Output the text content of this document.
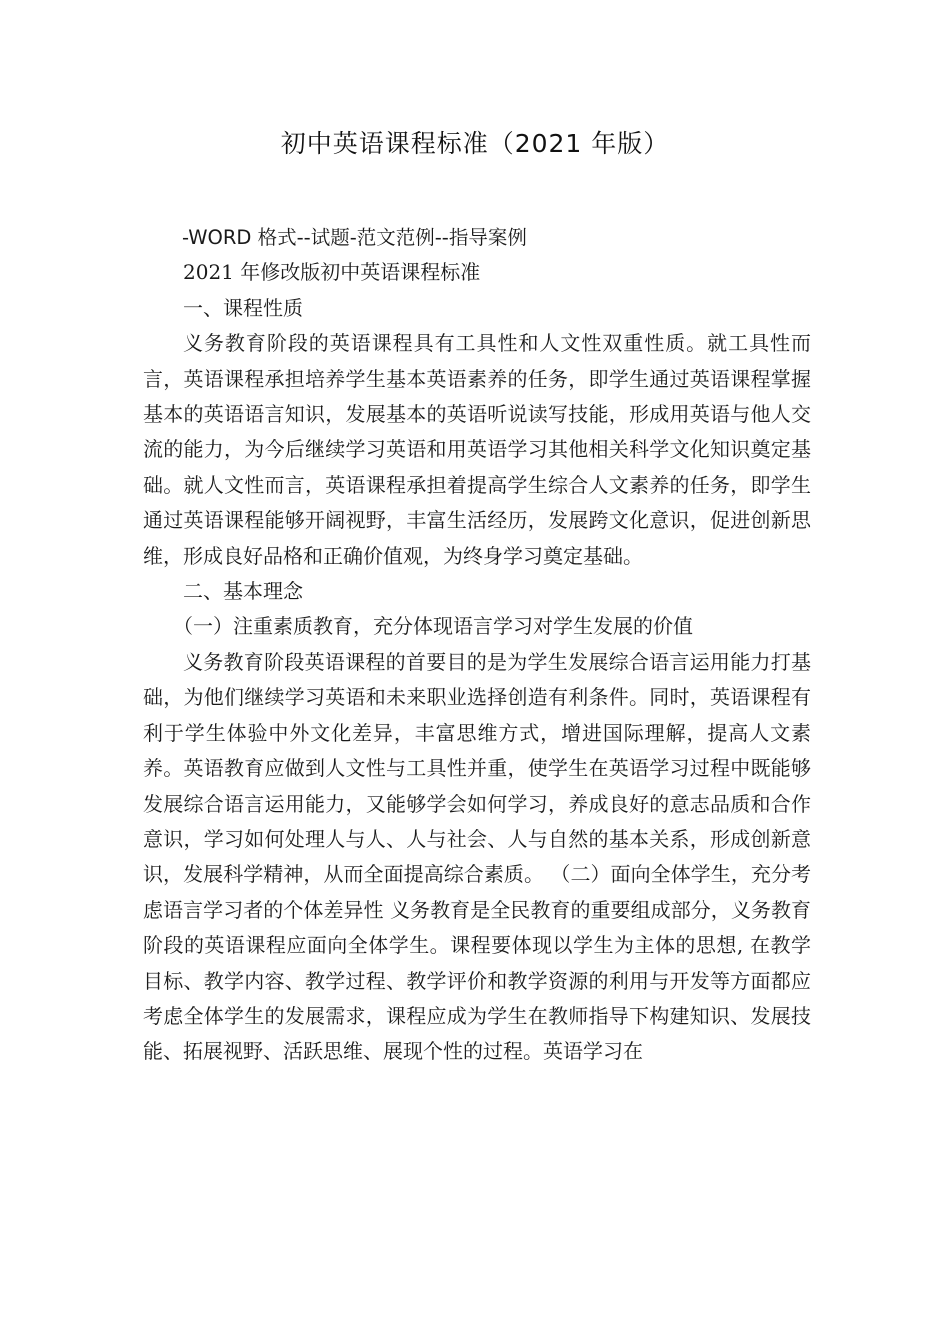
初中英语课程标准（2021 年版）

-WORD 格式--试题-范文范例--指导案例

2021 年修改版初中英语课程标准

一、课程性质

义务教育阶段的英语课程具有工具性和人文性双重性质。就工具性而言，英语课程承担培养学生基本英语素养的任务，即学生通过英语课程掌握基本的英语语言知识，发展基本的英语听说读写技能，形成用英语与他人交流的能力，为今后继续学习英语和用英语学习其他相关科学文化知识奠定基础。就人文性而言，英语课程承担着提高学生综合人文素养的任务，即学生通过英语课程能够开阔视野，丰富生活经历，发展跨文化意识，促进创新思维，形成良好品格和正确价值观，为终身学习奠定基础。

二、基本理念

（一）注重素质教育，充分体现语言学习对学生发展的价值

义务教育阶段英语课程的首要目的是为学生发展综合语言运用能力打基础，为他们继续学习英语和未来职业选择创造有利条件。同时，英语课程有利于学生体验中外文化差异，丰富思维方式，增进国际理解，提高人文素养。英语教育应做到人文性与工具性并重，使学生在英语学习过程中既能够发展综合语言运用能力，又能够学会如何学习，养成良好的意志品质和合作意识，学习如何处理人与人、人与社会、人与自然的基本关系，形成创新意识，发展科学精神，从而全面提高综合素质。 （二）面向全体学生，充分考虑语言学习者的个体差异性 义务教育是全民教育的重要组成部分，义务教育阶段的英语课程应面向全体学生。课程要体现以学生为主体的思想, 在教学目标、教学内容、教学过程、教学评价和教学资源的利用与开发等方面都应考虑全体学生的发展需求，课程应成为学生在教师指导下构建知识、发展技能、拓展视野、活跃思维、展现个性的过程。英语学习在
